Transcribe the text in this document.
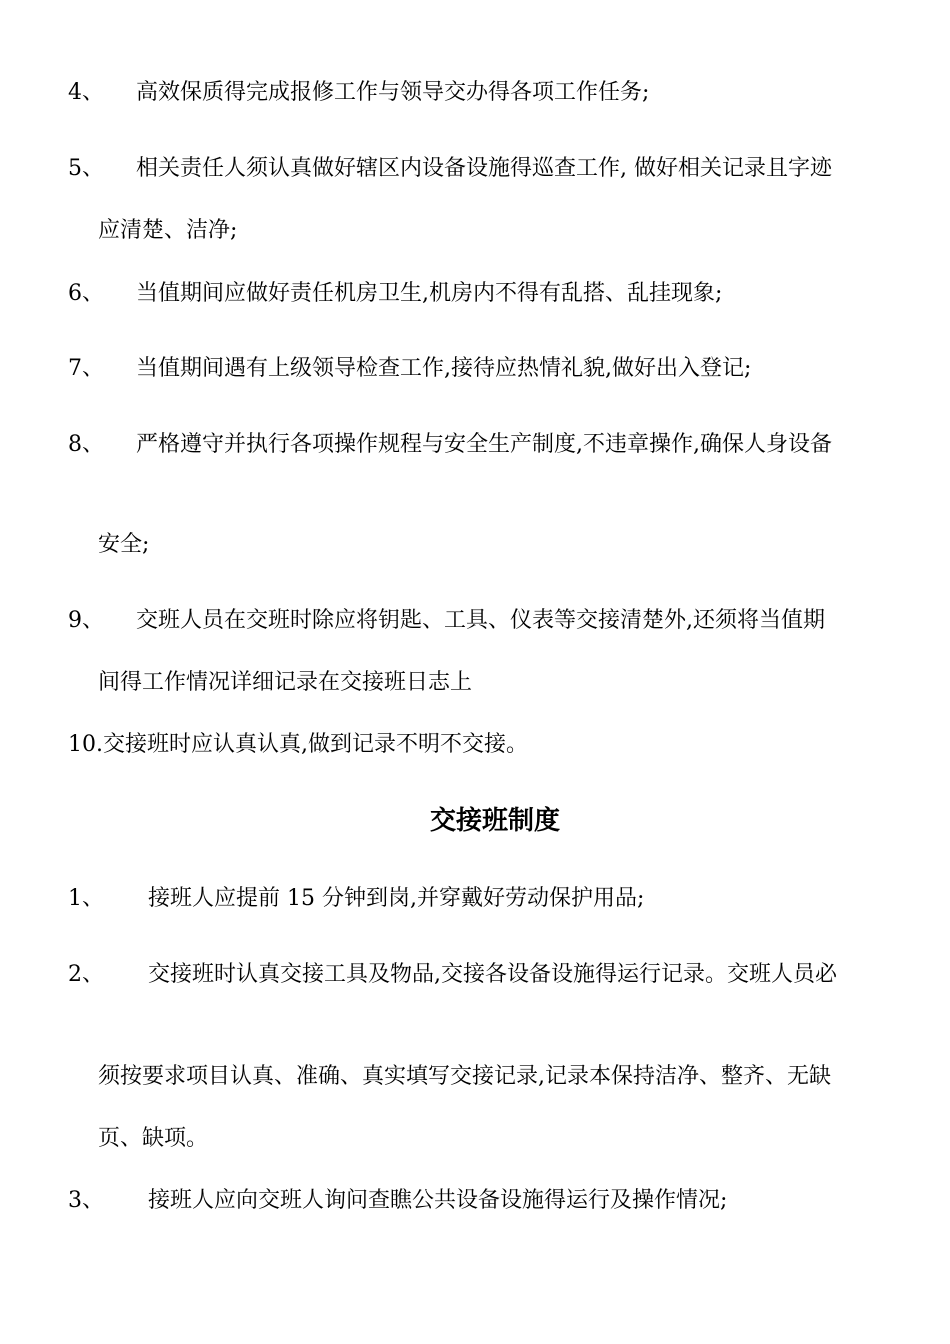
4、 高效保质得完成报修工作与领导交办得各项工作任务;
5、 相关责任人须认真做好辖区内设备设施得巡查工作, 做好相关记录且字迹
应清楚、洁净;
6、 当值期间应做好责任机房卫生,机房内不得有乱搭、乱挂现象;
7、 当值期间遇有上级领导检查工作,接待应热情礼貌,做好出入登记;
8、 严格遵守并执行各项操作规程与安全生产制度,不违章操作,确保人身设备
安全;
9、 交班人员在交班时除应将钥匙、工具、仪表等交接清楚外,还须将当值期
间得工作情况详细记录在交接班日志上
10.交接班时应认真认真,做到记录不明不交接。
交接班制度
1、 接班人应提前 15 分钟到岗,并穿戴好劳动保护用品;
2、 交接班时认真交接工具及物品,交接各设备设施得运行记录。交班人员必
须按要求项目认真、准确、真实填写交接记录,记录本保持洁净、整齐、无缺
页、缺项。
3、 接班人应向交班人询问查瞧公共设备设施得运行及操作情况;
